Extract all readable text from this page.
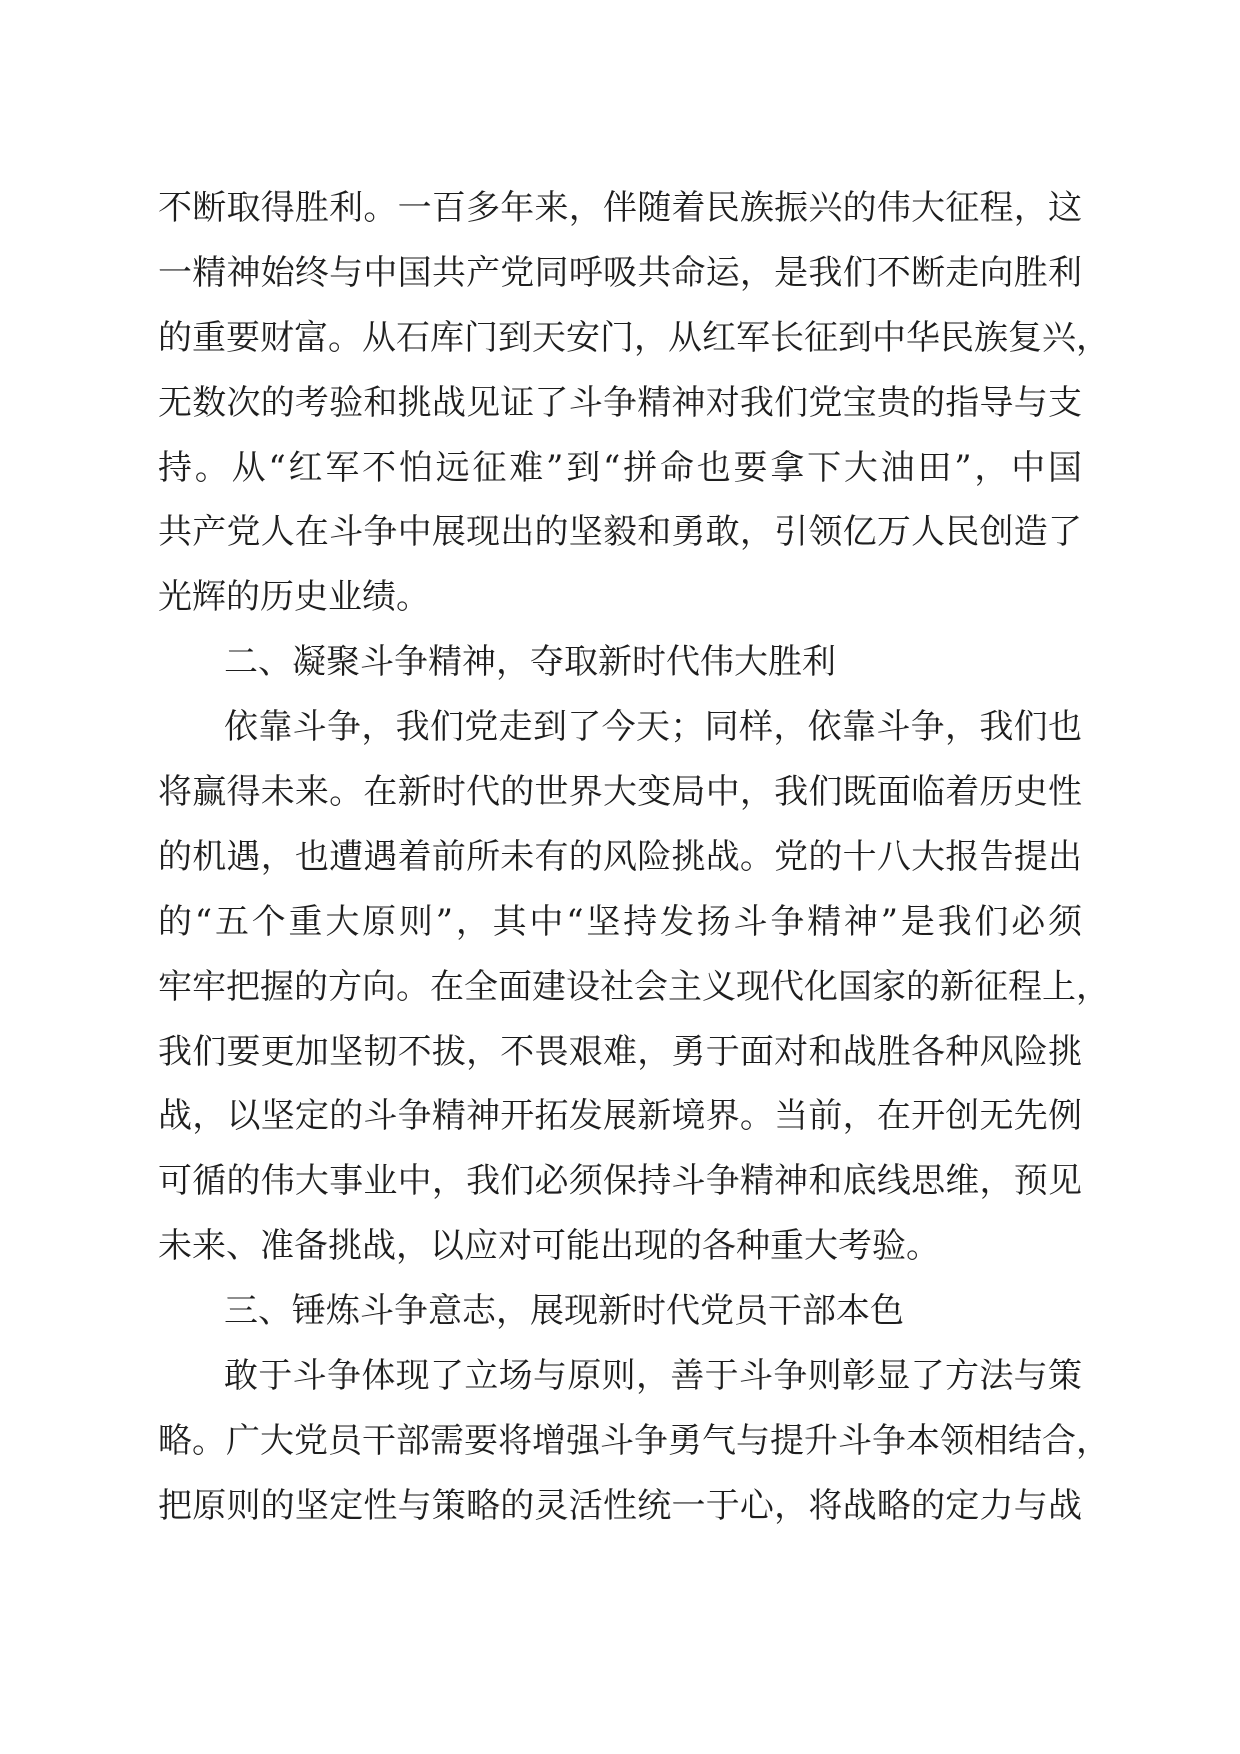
不断取得胜利。一百多年来，伴随着民族振兴的伟大征程，这
一精神始终与中国共产党同呼吸共命运，是我们不断走向胜利
的重要财富。从石库门到天安门，从红军长征到中华民族复兴，
无数次的考验和挑战见证了斗争精神对我们党宝贵的指导与支
持。从“红军不怕远征难”到“拼命也要拿下大油田”，中国
共产党人在斗争中展现出的坚毅和勇敢，引领亿万人民创造了
光辉的历史业绩。
二、凝聚斗争精神，夺取新时代伟大胜利
依靠斗争，我们党走到了今天；同样，依靠斗争，我们也
将赢得未来。在新时代的世界大变局中，我们既面临着历史性
的机遇，也遭遇着前所未有的风险挑战。党的十八大报告提出
的“五个重大原则”，其中“坚持发扬斗争精神”是我们必须
牢牢把握的方向。在全面建设社会主义现代化国家的新征程上，
我们要更加坚韧不拔，不畏艰难，勇于面对和战胜各种风险挑
战，以坚定的斗争精神开拓发展新境界。当前，在开创无先例
可循的伟大事业中，我们必须保持斗争精神和底线思维，预见
未来、准备挑战，以应对可能出现的各种重大考验。
三、锤炼斗争意志，展现新时代党员干部本色
敢于斗争体现了立场与原则，善于斗争则彰显了方法与策
略。广大党员干部需要将增强斗争勇气与提升斗争本领相结合，
把原则的坚定性与策略的灵活性统一于心，将战略的定力与战
